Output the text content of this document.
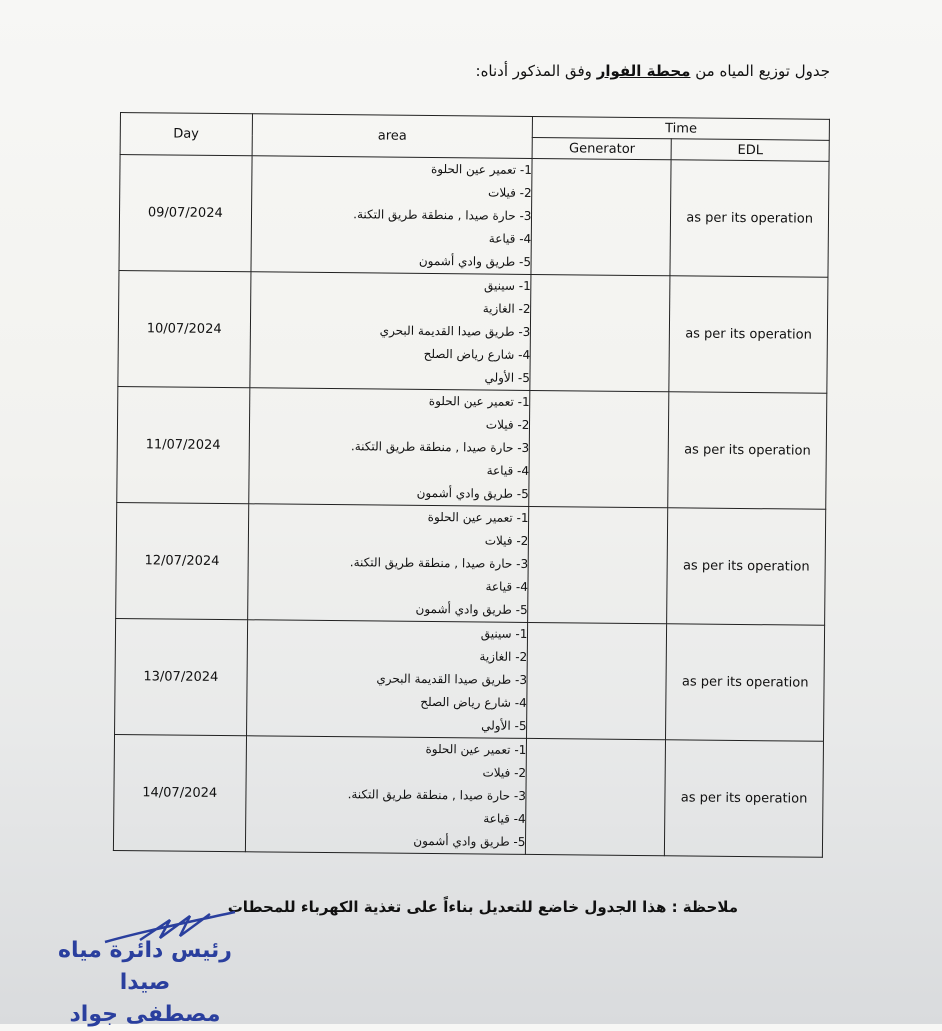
جدول توزيع المياه من محطة الفوار وفق المذكور أدناه:
Day	area	Time	
		Generator	EDL
09/07/2024	1- تعمير عين الحلوة
2- فيلات
3- حارة صيدا , منطقة طريق التكنة.
4- قياعة
5- طريق وادي أشمون		as per its operation
10/07/2024	1- سينيق
2- الغازية
3- طريق صيدا القديمة البحري
4- شارع رياض الصلح
5- الأولي		as per its operation
11/07/2024	1- تعمير عين الحلوة
2- فيلات
3- حارة صيدا , منطقة طريق التكنة.
4- قياعة
5- طريق وادي أشمون		as per its operation
12/07/2024	1- تعمير عين الحلوة
2- فيلات
3- حارة صيدا , منطقة طريق التكنة.
4- قياعة
5- طريق وادي أشمون		as per its operation
13/07/2024	1- سينيق
2- الغازية
3- طريق صيدا القديمة البحري
4- شارع رياض الصلح
5- الأولي		as per its operation
14/07/2024	1- تعمير عين الحلوة
2- فيلات
3- حارة صيدا , منطقة طريق التكنة.
4- قياعة
5- طريق وادي أشمون		as per its operation
ملاحظة : هذا الجدول خاضع للتعديل بناءاً على تغذية الكهرباء للمحطات
رئيس دائرة مياه صيدا
مصطفى جواد
